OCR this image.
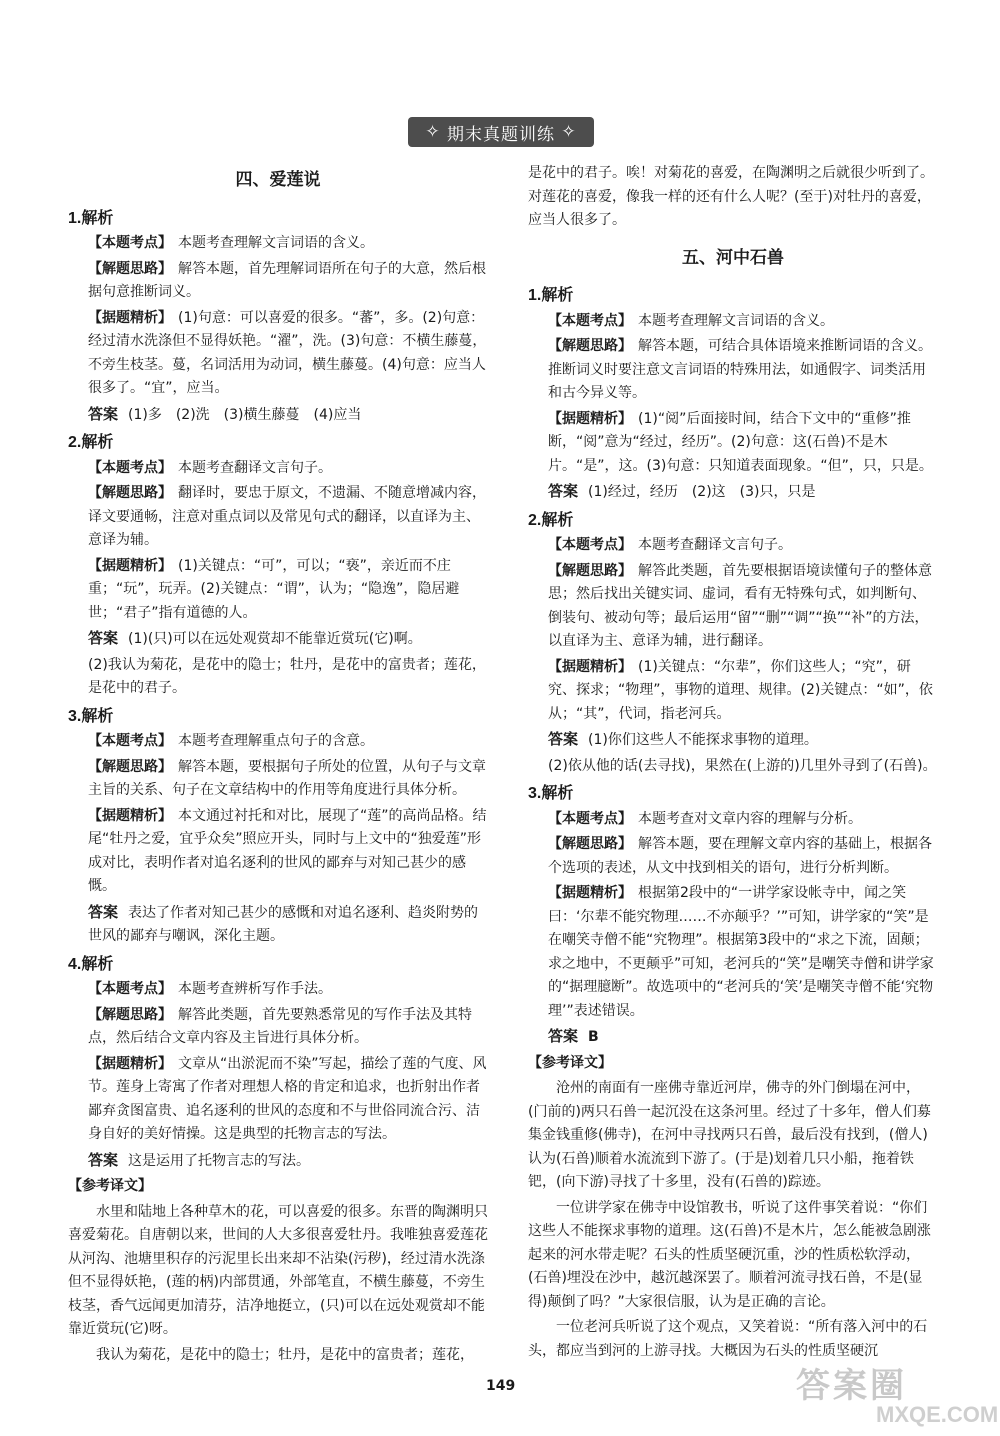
✧ 期末真题训练 ✧
四、爱莲说
1.解析
【本题考点】 本题考查理解文言词语的含义。
【解题思路】 解答本题，首先理解词语所在句子的大意，然后根据句意推断词义。
【据题精析】 (1)句意：可以喜爱的很多。“蕃”，多。(2)句意：经过清水洗涤但不显得妖艳。“濯”，洗。(3)句意：不横生藤蔓，不旁生枝茎。蔓，名词活用为动词，横生藤蔓。(4)句意：应当人很多了。“宜”，应当。
答案 (1)多　(2)洗　(3)横生藤蔓　(4)应当
2.解析
【本题考点】 本题考查翻译文言句子。
【解题思路】 翻译时，要忠于原文，不遗漏、不随意增减内容，译文要通畅，注意对重点词以及常见句式的翻译，以直译为主、意译为辅。
【据题精析】 (1)关键点：“可”，可以；“亵”，亲近而不庄重；“玩”，玩弄。(2)关键点：“谓”，认为；“隐逸”，隐居避世；“君子”指有道德的人。
答案 (1)(只)可以在远处观赏却不能靠近赏玩(它)啊。
(2)我认为菊花，是花中的隐士；牡丹，是花中的富贵者；莲花，是花中的君子。
3.解析
【本题考点】 本题考查理解重点句子的含意。
【解题思路】 解答本题，要根据句子所处的位置，从句子与文章主旨的关系、句子在文章结构中的作用等角度进行具体分析。
【据题精析】 本文通过衬托和对比，展现了“莲”的高尚品格。结尾“牡丹之爱，宜乎众矣”照应开头，同时与上文中的“独爱莲”形成对比，表明作者对追名逐利的世风的鄙弃与对知己甚少的感慨。
答案 表达了作者对知己甚少的感慨和对追名逐利、趋炎附势的世风的鄙弃与嘲讽，深化主题。
4.解析
【本题考点】 本题考查辨析写作手法。
【解题思路】 解答此类题，首先要熟悉常见的写作手法及其特点，然后结合文章内容及主旨进行具体分析。
【据题精析】 文章从“出淤泥而不染”写起，描绘了莲的气度、风节。莲身上寄寓了作者对理想人格的肯定和追求，也折射出作者鄙弃贪图富贵、追名逐利的世风的态度和不与世俗同流合污、洁身自好的美好情操。这是典型的托物言志的写法。
答案 这是运用了托物言志的写法。
【参考译文】
水里和陆地上各种草木的花，可以喜爱的很多。东晋的陶渊明只喜爱菊花。自唐朝以来，世间的人大多很喜爱牡丹。我唯独喜爱莲花从河沟、池塘里积存的污泥里长出来却不沾染(污秽)，经过清水洗涤但不显得妖艳，(莲的柄)内部贯通，外部笔直，不横生藤蔓，不旁生枝茎，香气远闻更加清芬，洁净地挺立，(只)可以在远处观赏却不能靠近赏玩(它)呀。
我认为菊花，是花中的隐士；牡丹，是花中的富贵者；莲花，
是花中的君子。唉！对菊花的喜爱，在陶渊明之后就很少听到了。对莲花的喜爱，像我一样的还有什么人呢？(至于)对牡丹的喜爱，应当人很多了。
五、河中石兽
1.解析
【本题考点】 本题考查理解文言词语的含义。
【解题思路】 解答本题，可结合具体语境来推断词语的含义。推断词义时要注意文言词语的特殊用法，如通假字、词类活用和古今异义等。
【据题精析】 (1)“阅”后面接时间，结合下文中的“重修”推断，“阅”意为“经过，经历”。(2)句意：这(石兽)不是木片。“是”，这。(3)句意：只知道表面现象。“但”，只，只是。
答案 (1)经过，经历　(2)这　(3)只，只是
2.解析
【本题考点】 本题考查翻译文言句子。
【解题思路】 解答此类题，首先要根据语境读懂句子的整体意思；然后找出关键实词、虚词，看有无特殊句式，如判断句、倒装句、被动句等；最后运用“留”“删”“调”“换”“补”的方法，以直译为主、意译为辅，进行翻译。
【据题精析】 (1)关键点：“尔辈”，你们这些人；“究”，研究、探求；“物理”，事物的道理、规律。(2)关键点：“如”，依从；“其”，代词，指老河兵。
答案 (1)你们这些人不能探求事物的道理。
(2)依从他的话(去寻找)，果然在(上游的)几里外寻到了(石兽)。
3.解析
【本题考点】 本题考查对文章内容的理解与分析。
【解题思路】 解答本题，要在理解文章内容的基础上，根据各个选项的表述，从文中找到相关的语句，进行分析判断。
【据题精析】 根据第2段中的“一讲学家设帐寺中，闻之笑曰：‘尔辈不能究物理……不亦颠乎？’”可知，讲学家的“笑”是在嘲笑寺僧不能“究物理”。根据第3段中的“求之下流，固颠；求之地中，不更颠乎”可知，老河兵的“笑”是嘲笑寺僧和讲学家的“据理臆断”。故选项中的“老河兵的‘笑’是嘲笑寺僧不能‘究物理’”表述错误。
答案 B
【参考译文】
沧州的南面有一座佛寺靠近河岸，佛寺的外门倒塌在河中，(门前的)两只石兽一起沉没在这条河里。经过了十多年，僧人们募集金钱重修(佛寺)，在河中寻找两只石兽，最后没有找到，(僧人)认为(石兽)顺着水流流到下游了。(于是)划着几只小船，拖着铁钯，(向下游)寻找了十多里，没有(石兽的)踪迹。
一位讲学家在佛寺中设馆教书，听说了这件事笑着说：“你们这些人不能探求事物的道理。这(石兽)不是木片，怎么能被急剧涨起来的河水带走呢？石头的性质坚硬沉重，沙的性质松软浮动，(石兽)埋没在沙中，越沉越深罢了。顺着河流寻找石兽，不是(显得)颠倒了吗？”大家很信服，认为是正确的言论。
一位老河兵听说了这个观点，又笑着说：“所有落入河中的石头，都应当到河的上游寻找。大概因为石头的性质坚硬沉
149	答案圈
MXQE.COM
